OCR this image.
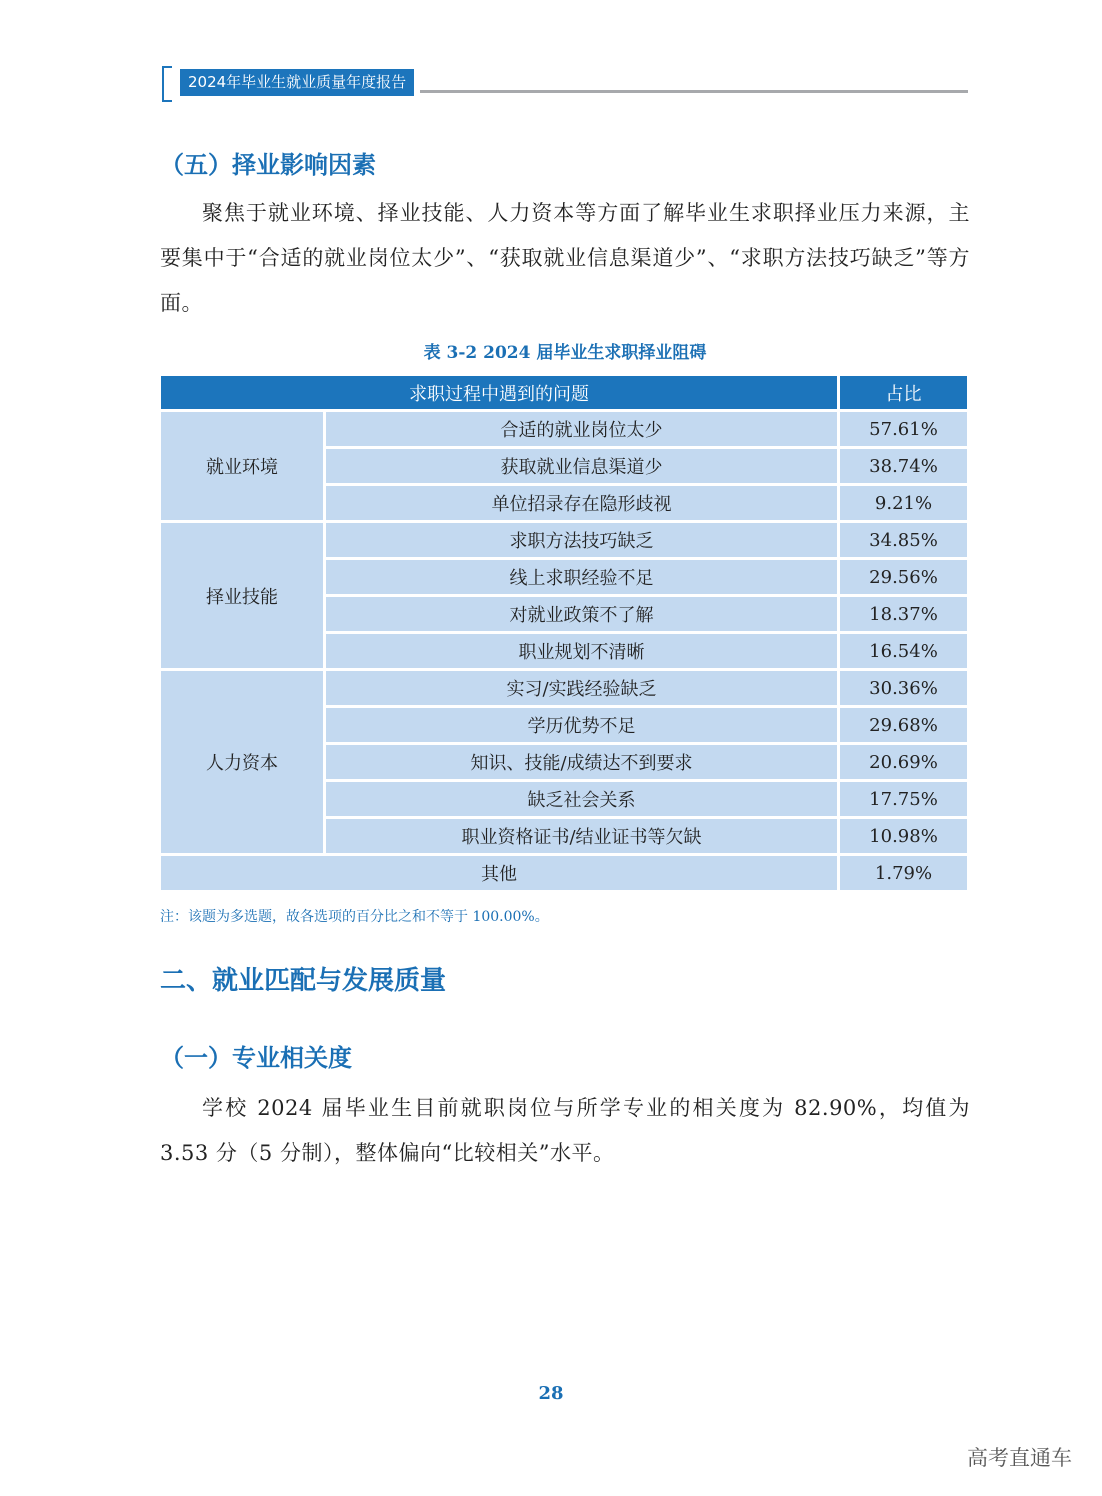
2024年毕业生就业质量年度报告
（五）择业影响因素
聚焦于就业环境、择业技能、人力资本等方面了解毕业生求职择业压力来源，主要集中于“合适的就业岗位太少”、“获取就业信息渠道少”、“求职方法技巧缺乏”等方面。
表 3-2 2024 届毕业生求职择业阻碍
求职过程中遇到的问题		占比
就业环境	合适的就业岗位太少	57.61%
	获取就业信息渠道少	38.74%
	单位招录存在隐形歧视	9.21%
择业技能	求职方法技巧缺乏	34.85%
	线上求职经验不足	29.56%
	对就业政策不了解	18.37%
	职业规划不清晰	16.54%
人力资本	实习/实践经验缺乏	30.36%
	学历优势不足	29.68%
	知识、技能/成绩达不到要求	20.69%
	缺乏社会关系	17.75%
	职业资格证书/结业证书等欠缺	10.98%
其他		1.79%
注：该题为多选题，故各选项的百分比之和不等于 100.00%。
二、就业匹配与发展质量
（一）专业相关度
学校 2024 届毕业生目前就职岗位与所学专业的相关度为 82.90%，均值为 3.53 分（5 分制），整体偏向“比较相关”水平。
28
高考直通车
